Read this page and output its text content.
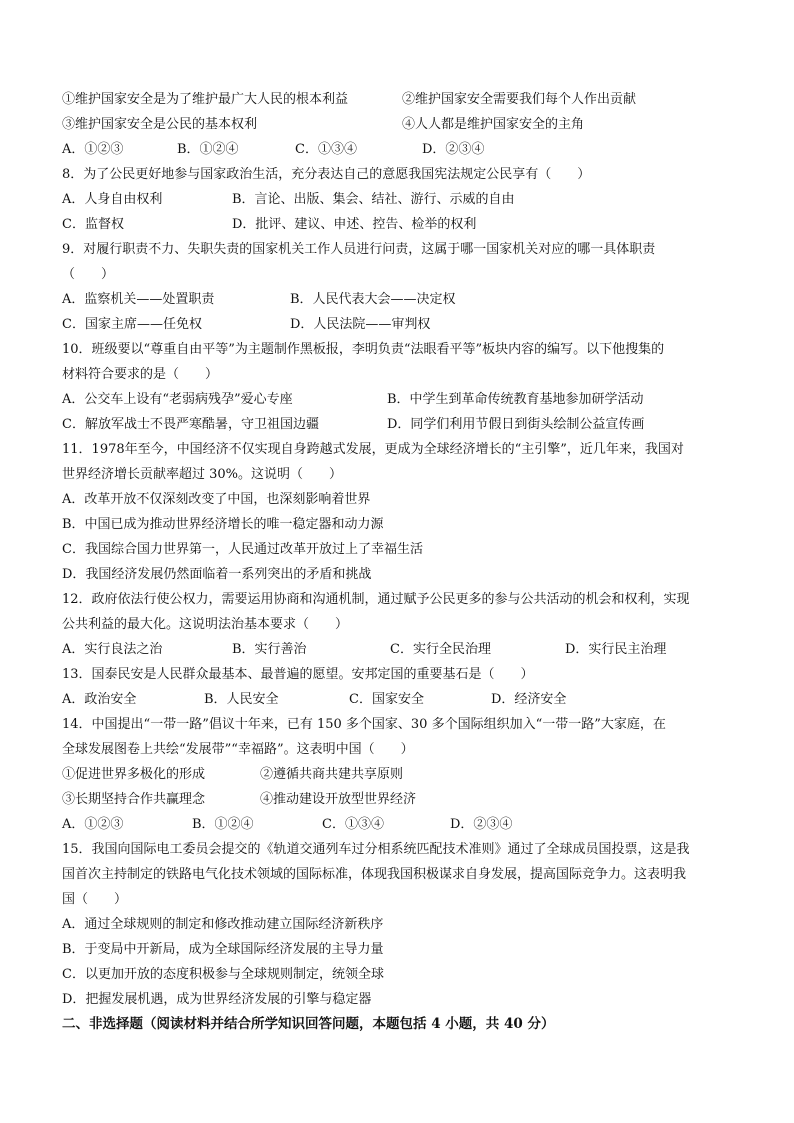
①维护国家安全是为了维护最广大人民的根本利益	②维护国家安全需要我们每个人作出贡献
③维护国家安全是公民的基本权利	④人人都是维护国家安全的主角
A．①②③	B．①②④	C．①③④	D．②③④
8．为了公民更好地参与国家政治生活，充分表达自己的意愿我国宪法规定公民享有（　　）
A．人身自由权利	B．言论、出版、集会、结社、游行、示威的自由
C．监督权	D．批评、建议、申述、控告、检举的权利
9．对履行职责不力、失职失责的国家机关工作人员进行问责，这属于哪一国家机关对应的哪一具体职责
（　　）
A．监察机关——处置职责	B．人民代表大会——决定权
C．国家主席——任免权	D．人民法院——审判权
10．班级要以“尊重自由平等”为主题制作黑板报，李明负责“法眼看平等”板块内容的编写。以下他搜集的
材料符合要求的是（　　）
A．公交车上设有“老弱病残孕”爱心专座	B．中学生到革命传统教育基地参加研学活动
C．解放军战士不畏严寒酷暑，守卫祖国边疆	D．同学们利用节假日到街头绘制公益宣传画
11．1978年至今，中国经济不仅实现自身跨越式发展，更成为全球经济增长的“主引擎”，近几年来，我国对
世界经济增长贡献率超过 30%。这说明（　　）
A．改革开放不仅深刻改变了中国，也深刻影响着世界
B．中国已成为推动世界经济增长的唯一稳定器和动力源
C．我国综合国力世界第一，人民通过改革开放过上了幸福生活
D．我国经济发展仍然面临着一系列突出的矛盾和挑战
12．政府依法行使公权力，需要运用协商和沟通机制，通过赋予公民更多的参与公共活动的机会和权利，实现
公共利益的最大化。这说明法治基本要求（　　）
A．实行良法之治	B．实行善治	C．实行全民治理	D．实行民主治理
13．国泰民安是人民群众最基本、最普遍的愿望。安邦定国的重要基石是（　　）
A．政治安全	B．人民安全	C．国家安全	D．经济安全
14．中国提出“一带一路”倡议十年来，已有 150 多个国家、30 多个国际组织加入“一带一路”大家庭，在
全球发展图卷上共绘“发展带”“幸福路”。这表明中国（　　）
①促进世界多极化的形成	②遵循共商共建共享原则
③长期坚持合作共赢理念	④推动建设开放型世界经济
A．①②③	B．①②④	C．①③④	D．②③④
15．我国向国际电工委员会提交的《轨道交通列车过分相系统匹配技术准则》通过了全球成员国投票，这是我
国首次主持制定的铁路电气化技术领域的国际标准，体现我国积极谋求自身发展，提高国际竞争力。这表明我
国（　　）
A．通过全球规则的制定和修改推动建立国际经济新秩序
B．于变局中开新局，成为全球国际经济发展的主导力量
C．以更加开放的态度积极参与全球规则制定，统领全球
D．把握发展机遇，成为世界经济发展的引擎与稳定器
二、非选择题（阅读材料并结合所学知识回答问题，本题包括 4 小题，共 40 分）
